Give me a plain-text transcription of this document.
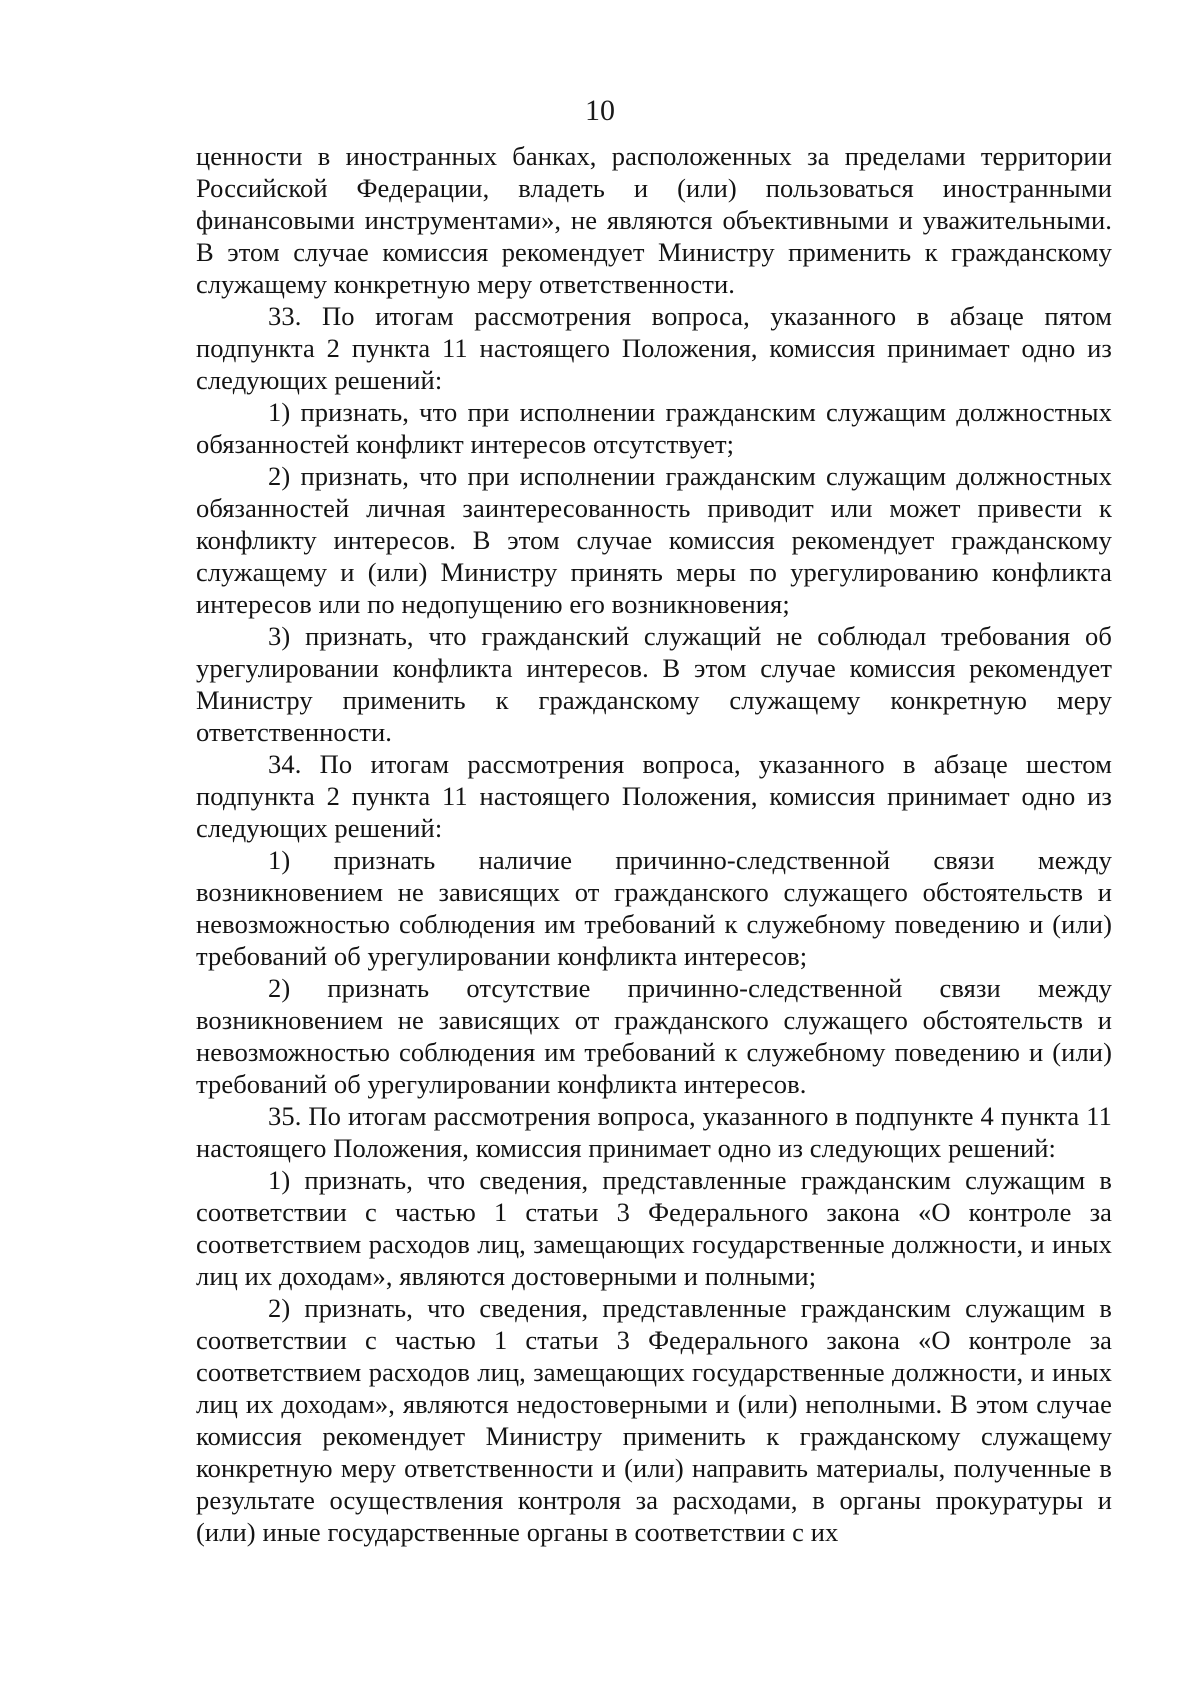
10

ценности в иностранных банках, расположенных за пределами территории Российской Федерации, владеть и (или) пользоваться иностранными финансовыми инструментами», не являются объективными и уважительными. В этом случае комиссия рекомендует Министру применить к гражданскому служащему конкретную меру ответственности.

33. По итогам рассмотрения вопроса, указанного в абзаце пятом подпункта 2 пункта 11 настоящего Положения, комиссия принимает одно из следующих решений:

1) признать, что при исполнении гражданским служащим должностных обязанностей конфликт интересов отсутствует;

2) признать, что при исполнении гражданским служащим должностных обязанностей личная заинтересованность приводит или может привести к конфликту интересов. В этом случае комиссия рекомендует гражданскому служащему и (или) Министру принять меры по урегулированию конфликта интересов или по недопущению его возникновения;

3) признать, что гражданский служащий не соблюдал требования об урегулировании конфликта интересов. В этом случае комиссия рекомендует Министру применить к гражданскому служащему конкретную меру ответственности.

34. По итогам рассмотрения вопроса, указанного в абзаце шестом подпункта 2 пункта 11 настоящего Положения, комиссия принимает одно из следующих решений:

1) признать наличие причинно-следственной связи между возникновением не зависящих от гражданского служащего обстоятельств и невозможностью соблюдения им требований к служебному поведению и (или) требований об урегулировании конфликта интересов;

2) признать отсутствие причинно-следственной связи между возникновением не зависящих от гражданского служащего обстоятельств и невозможностью соблюдения им требований к служебному поведению и (или) требований об урегулировании конфликта интересов.

35. По итогам рассмотрения вопроса, указанного в подпункте 4 пункта 11 настоящего Положения, комиссия принимает одно из следующих решений:

1) признать, что сведения, представленные гражданским служащим в соответствии с частью 1 статьи 3 Федерального закона «О контроле за соответствием расходов лиц, замещающих государственные должности, и иных лиц их доходам», являются достоверными и полными;

2) признать, что сведения, представленные гражданским служащим в соответствии с частью 1 статьи 3 Федерального закона «О контроле за соответствием расходов лиц, замещающих государственные должности, и иных лиц их доходам», являются недостоверными и (или) неполными. В этом случае комиссия рекомендует Министру применить к гражданскому служащему конкретную меру ответственности и (или) направить материалы, полученные в результате осуществления контроля за расходами, в органы прокуратуры и (или) иные государственные органы в соответствии с их
